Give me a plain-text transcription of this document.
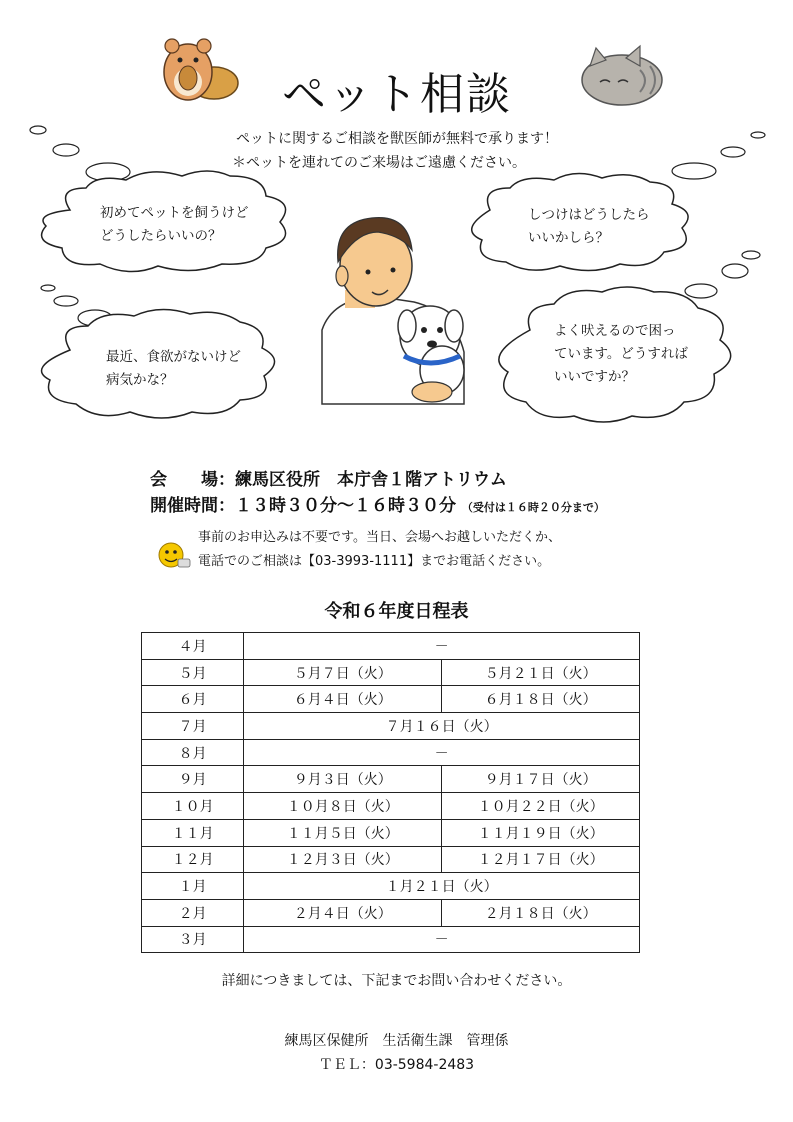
ペット相談
ペットに関するご相談を獣医師が無料で承ります！
＊ペットを連れてのご来場はご遠慮ください。
初めてペットを飼うけど
どうしたらいいの？
しつけはどうしたら
いいかしら？
最近、食欲がないけど
病気かな？
よく吠えるので困っ
ています。どうすれば
いいですか？
会　　場：練馬区役所　本庁舎１階アトリウム
開催時間：１３時３０分～１６時３０分 （受付は１６時２０分まで）
事前のお申込みは不要です。当日、会場へお越しいただくか、
電話でのご相談は【03-3993-1111】までお電話ください。
令和６年度日程表
４月	－	
５月	５月７日（火）	５月２１日（火）
６月	６月４日（火）	６月１８日（火）
７月	７月１６日（火）	
８月	－	
９月	９月３日（火）	９月１７日（火）
１０月	１０月８日（火）	１０月２２日（火）
１１月	１１月５日（火）	１１月１９日（火）
１２月	１２月３日（火）	１２月１７日（火）
１月	１月２１日（火）	
２月	２月４日（火）	２月１８日（火）
３月	－	
詳細につきましては、下記までお問い合わせください。
練馬区保健所　生活衛生課　管理係
ＴＥＬ：03-5984-2483
